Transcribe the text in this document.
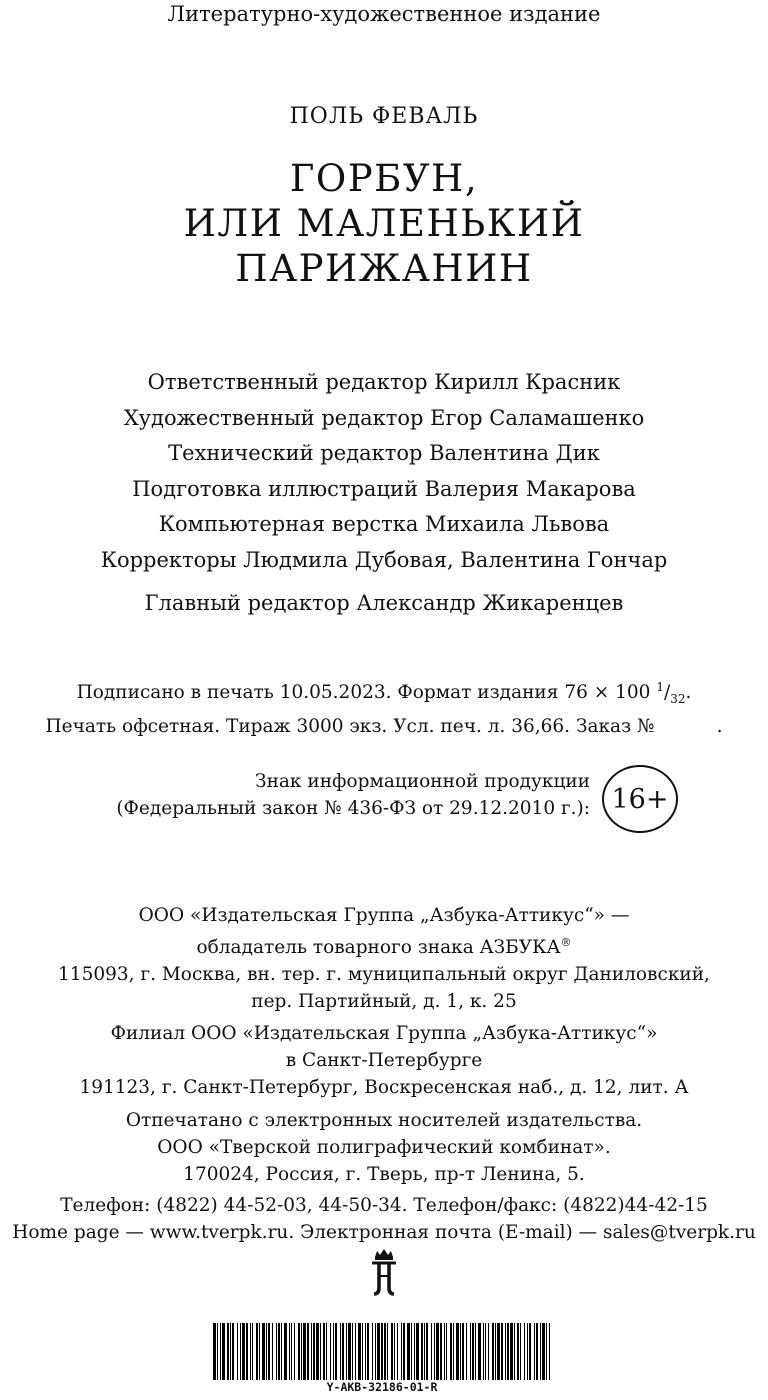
Литературно-художественное издание
ПОЛЬ ФЕВАЛЬ
ГОРБУН,
ИЛИ МАЛЕНЬКИЙ
ПАРИЖАНИН
Ответственный редактор Кирилл Красник
Художественный редактор Егор Саламашенко
Технический редактор Валентина Дик
Подготовка иллюстраций Валерия Макарова
Компьютерная верстка Михаила Львова
Корректоры Людмила Дубовая, Валентина Гончар
Главный редактор Александр Жикаренцев
Подписано в печать 10.05.2023. Формат издания 76 × 100 $^1/_{32}$.
Печать офсетная. Тираж 3000 экз. Усл. печ. л. 36,66. Заказ №	.
Знак информационной продукции
(Федеральный закон № 436-ФЗ от 29.12.2010 г.): 16+
ООО «Издательская Группа „Азбука-Аттикус“» —
обладатель товарного знака АЗБУКА®
115093, г. Москва, вн. тер. г. муниципальный округ Даниловский,
пер. Партийный, д. 1, к. 25
Филиал ООО «Издательская Группа „Азбука-Аттикус“»
в Санкт-Петербурге
191123, г. Санкт-Петербург, Воскресенская наб., д. 12, лит. А
Отпечатано с электронных носителей издательства.
ООО «Тверской полиграфический комбинат».
170024, Россия, г. Тверь, пр-т Ленина, 5.
Телефон: (4822) 44-52-03, 44-50-34. Телефон/факс: (4822)44-42-15
Home page — www.tverpk.ru. Электронная почта (E-mail) — sales@tverpk.ru
Y-AKB-32186-01-R
